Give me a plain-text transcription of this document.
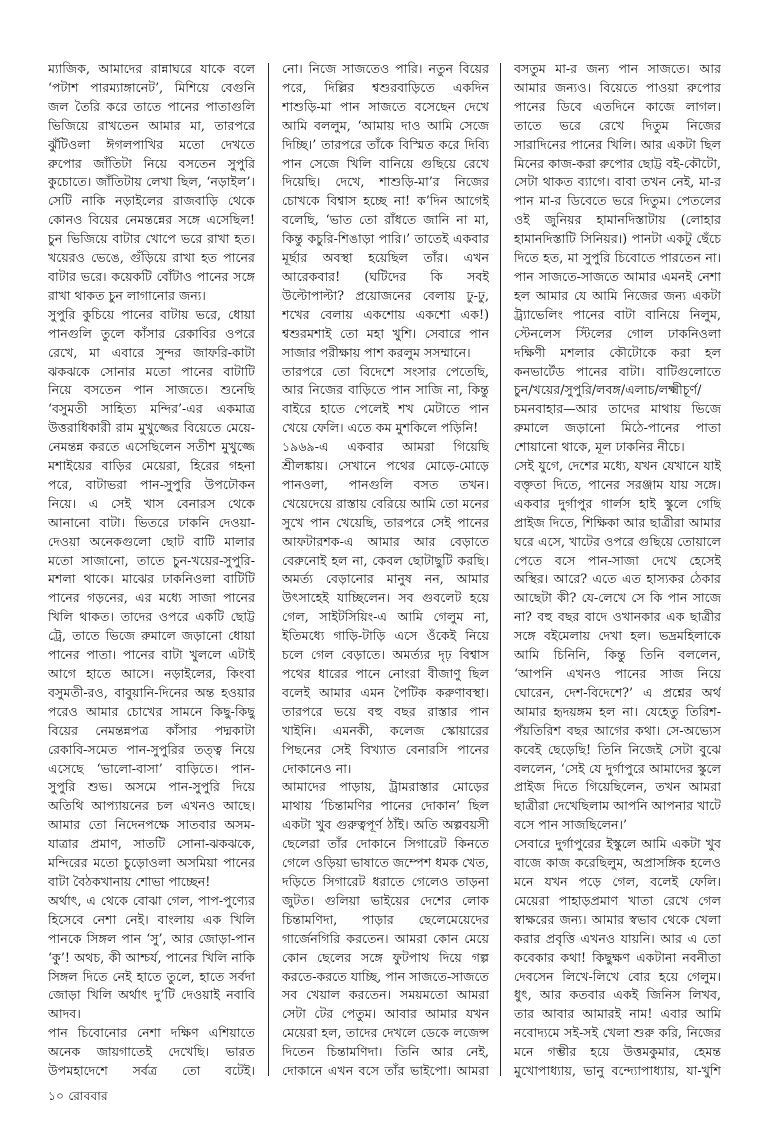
ম্যাজিক, আমাদের রান্নাঘরে যাকে বলে ‘পটাশ পারম্যাঙ্গানেট’, মিশিয়ে বেগুনি জল তৈরি করে তাতে পানের পাতাগুলি ভিজিয়ে রাখতেন আমার মা, তারপরে ঝুঁটিওলা ঈগলপাখির মতো দেখতে রুপোর জাঁতিটা নিয়ে বসতেন সুপুরি কুচোতে। জাঁতিটায় লেখা ছিল, ‘নড়াইল’। সেটি নাকি নড়াইলের রাজবাড়ি থেকে কোনও বিয়ের নেমন্তন্নের সঙ্গে এসেছিল! চুন ভিজিয়ে বাটার খোপে ভরে রাখা হত। খয়েরও ভেঙে, গুঁড়িয়ে রাখা হত পানের বাটার ভরে। কয়েকটি বোঁটাও পানের সঙ্গে রাখা থাকত চুন লাগানোর জন্য।
সুপুরি কুচিয়ে পানের বাটায় ভরে, ধোয়া পানগুলি তুলে কাঁসার রেকাবির ওপরে রেখে, মা এবারে সুন্দর জাফরি-কাটা ঝকঝকে সোনার মতো পানের বাটাটি নিয়ে বসতেন পান সাজতে। শুনেছি ‘বসুমতী সাহিত্য মন্দির’-এর একমাত্র উত্তরাধিকারী রাম মুখুজ্জের বিয়েতে মেয়ে-নেমন্তন্ন করতে এসেছিলেন সতীশ মুখুজ্জে মশাইয়ের বাড়ির মেয়েরা, হিরের গহনা পরে, বাটাভরা পান-সুপুরি উপঢৌকন নিয়ে। এ সেই খাস বেনারস থেকে আনানো বাটা। ভিতরে ঢাকনি দেওয়া-দেওয়া অনেকগুলো ছোট বাটি মালার মতো সাজানো, তাতে চুন-খয়ের-সুপুরি-মশলা থাকে। মাঝের ঢাকনিওলা বাটিটি পানের গড়নের, এর মধ্যে সাজা পানের খিলি থাকত। তাদের ওপরে একটি ছোট্ট ট্রে, তাতে ভিজে রুমালে জড়ানো ধোয়া পানের পাতা। পানের বাটা খুললে এটাই আগে হাতে আসে। নড়াইলের, কিংবা বসুমতী-রও, বাবুয়ানি-দিনের অন্ত হওয়ার পরেও আমার চোখের সামনে কিছু-কিছু বিয়ের নেমন্তন্নপত্র কাঁসার পদ্মকাটা রেকাবি-সমেত পান-সুপুরির তত্ত্ব নিয়ে এসেছে ‘ভালো-বাসা’ বাড়িতে। পান-সুপুরি শুভ। অসমে পান-সুপুরি দিয়ে অতিথি আপ্যায়নের চল এখনও আছে। আমার তো নিদেনপক্ষে সাতবার অসম-যাত্রার প্রমাণ, সাতটি সোনা-ঝকঝকে, মন্দিরের মতো চুড়োওলা অসমিয়া পানের বাটা বৈঠকখানায় শোভা পাচ্ছেন!
অর্থাৎ, এ থেকে বোঝা গেল, পাপ-পুণ্যের হিসেবে নেশা নেই। বাংলায় এক খিলি পানকে সিঙ্গল পান ‘সু’, আর জোড়া-পান ‘কু’! অথচ, কী আশ্চর্য, পানের খিলি নাকি সিঙ্গল দিতে নেই হাতে তুলে, হাতে সর্বদা জোড়া খিলি অর্থাৎ দু’টি দেওয়াই নবাবি আদব।
পান চিবোনোর নেশা দক্ষিণ এশিয়াতে অনেক জায়গাতেই দেখেছি। ভারত উপমহাদেশে সর্বত্র তো বটেই।
নো। নিজে সাজতেও পারি। নতুন বিয়ের পরে, দিল্লির শ্বশুরবাড়িতে একদিন শাশুড়ি-মা পান সাজতে বসেছেন দেখে আমি বললুম, ‘আমায় দাও আমি সেজে দিচ্ছি।’ তারপরে তাঁকে বিস্মিত করে দিব্যি পান সেজে খিলি বানিয়ে গুছিয়ে রেখে দিয়েছি। দেখে, শাশুড়ি-মা’র নিজের চোখকে বিশ্বাস হচ্ছে না! ক’দিন আগেই বলেছি, ‘ভাত তো রাঁধতে জানি না মা, কিন্তু কচুরি-শিঙাড়া পারি।’ তাতেই একবার মূর্ছার অবস্থা হয়েছিল তাঁর। এখন আরেকবার! (ঘটিদের কি সবই উল্টোপাল্টা? প্রয়োজনের বেলায় ঢু-ঢু, শখের বেলায় একশোয় একশো এক!) শ্বশুরমশাই তো মহা খুশি। সেবারে পান সাজার পরীক্ষায় পাশ করলুম সসম্মানে।
তারপরে তো বিদেশে সংসার পেতেছি, আর নিজের বাড়িতে পান সাজি না, কিন্তু বাইরে হাতে পেলেই শখ মেটাতে পান খেয়ে ফেলি। এতে কম মুশকিলে পড়িনি!
১৯৬৯-এ একবার আমরা গিয়েছি শ্রীলঙ্কায়। সেখানে পথের মোড়ে-মোড়ে পানওলা, পানগুলি বসত তখন। খেয়েদেয়ে রাস্তায় বেরিয়ে আমি তো মনের সুখে পান খেয়েছি, তারপরে সেই পানের আফটারশক-এ আমার আর বেড়াতে বেরুনোই হল না, কেবল ছোটাছুটি করছি। অমর্ত্য বেড়ানোর মানুষ নন, আমার উৎসাহেই যাচ্ছিলেন। সব গুবলেট হয়ে গেল, সাইটসিয়িং-এ আমি গেলুম না, ইতিমধ্যে গাড়ি-টাড়ি এসে ওঁকেই নিয়ে চলে গেল বেড়াতে। অমর্ত্যর দৃঢ় বিশ্বাস পথের ধারের পানে নোংরা বীজাণু ছিল বলেই আমার এমন পৈটিক করুণাবস্থা। তারপরে ভয়ে বহু বছর রাস্তার পান খাইনি। এমনকী, কলেজ স্কোয়ারের পিছনের সেই বিখ্যাত বেনারসি পানের দোকানেও না।
আমাদের পাড়ায়, ট্রামরাস্তার মোড়ের মাথায় ‘চিন্তামণির পানের দোকান’ ছিল একটা খুব গুরুত্বপূর্ণ ঠাঁই। অতি অল্পবয়সী ছেলেরা তাঁর দোকানে সিগারেট কিনতে গেলে ওড়িয়া ভাষাতে জম্পেশ ধমক খেত, দড়িতে সিগারেট ধরাতে গেলেও তাড়না জুটত। গুলিয়া ভাইয়ের দেশের লোক চিন্তামণিদা, পাড়ার ছেলেমেয়েদের গার্জেনগিরি করতেন। আমরা কোন মেয়ে কোন ছেলের সঙ্গে ফুটপাথ দিয়ে গল্প করতে-করতে যাচ্ছি, পান সাজতে-সাজতে সব খেয়াল করতেন। সময়মতো আমরা সেটা টের পেতুম। আবার আমার যখন মেয়েরা হল, তাদের দেখলে ডেকে লজেন্স দিতেন চিন্তামণিদা। তিনি আর নেই, দোকানে এখন বসে তাঁর ভাইপো। আমরা

বসতুম মা-র জন্য পান সাজতে। আর আমার জন্যও। বিয়েতে পাওয়া রুপোর পানের ডিবে এতদিনে কাজে লাগল। তাতে ভরে রেখে দিতুম নিজের সারাদিনের পানের খিলি। আর একটা ছিল মিনের কাজ-করা রুপোর ছোট্ট বই-কৌটো, সেটা থাকত ব্যাগে। বাবা তখন নেই, মা-র পান মা-র ডিবেতে ভরে দিতুম। পেতলের ওই জুনিয়র হামানদিস্তাটায় (লোহার হামানদিস্তাটি সিনিয়র।) পানটা একটু ছেঁচে দিতে হত, মা সুপুরি চিবোতে পারতেন না। পান সাজতে-সাজতে আমার এমনই নেশা হল আমার যে আমি নিজের জন্য একটা ট্র্যাভেলিং পানের বাটা বানিয়ে নিলুম, স্টেনলেস স্টিলের গোল ঢাকনিওলা দক্ষিণী মশলার কৌটোকে করা হল কনভার্টেড পানের বাটা। বাটিগুলোতে চুন/খয়ের/সুপুরি/লবঙ্গ/এলাচ/লক্ষ্মীচূর্ণ/ চমনবাহার—আর তাদের মাথায় ভিজে রুমালে জড়ানো মিঠে-পানের পাতা শোয়ানো থাকে, মূল ঢাকনির নীচে।
সেই যুগে, দেশের মধ্যে, যখন যেখানে যাই বক্তৃতা দিতে, পানের সরঞ্জাম যায় সঙ্গে। একবার দুর্গাপুর গার্লস হাই স্কুলে গেছি প্রাইজ দিতে, শিক্ষিকা আর ছাত্রীরা আমার ঘরে এসে, খাটের ওপরে গুছিয়ে তোয়ালে পেতে বসে পান-সাজা দেখে হেসেই অস্থির। আরে? এতে এত হাস্যকর ঠেকার আছেটা কী? যে-লেখে সে কি পান সাজে না? বহু বছর বাদে ওখানকার এক ছাত্রীর সঙ্গে বইমেলায় দেখা হল। ভদ্রমহিলাকে আমি চিনিনি, কিন্তু তিনি বললেন, ‘আপনি এখনও পানের সাজ নিয়ে ঘোরেন, দেশ-বিদেশে?’ এ প্রশ্নের অর্থ আমার হৃদয়ঙ্গম হল না। যেহেতু তিরিশ-পঁয়তিরিশ বছর আগের কথা। সে-অভ্যেস কবেই ছেড়েছি! তিনি নিজেই সেটা বুঝে বললেন, ‘সেই যে দুর্গাপুরে আমাদের স্কুলে প্রাইজ দিতে গিয়েছিলেন, তখন আমরা ছাত্রীরা দেখেছিলাম আপনি আপনার খাটে বসে পান সাজছিলেন।’
সেবারে দুর্গাপুরের ইস্কুলে আমি একটা খুব বাজে কাজ করেছিলুম, অপ্রাসঙ্গিক হলেও মনে যখন পড়ে গেল, বলেই ফেলি। মেয়েরা পাহাড়প্রমাণ খাতা রেখে গেল স্বাক্ষরের জন্য। আমার স্বভাব থেকে খেলা করার প্রবৃত্তি এখনও যায়নি। আর এ তো কবেকার কথা! কিছুক্ষণ একটানা নবনীতা দেবসেন লিখে-লিখে বোর হয়ে গেলুম। ধুৎ, আর কতবার একই জিনিস লিখব, তার আবার আমারই নাম! এবার আমি নবোদ্যমে সই-সই খেলা শুরু করি, নিজের মনে গম্ভীর হয়ে উত্তমকুমার, হেমন্ত মুখোপাধ্যায়, ভানু বন্দ্যোপাধ্যায়, যা-খুশি
১০ রোববার
